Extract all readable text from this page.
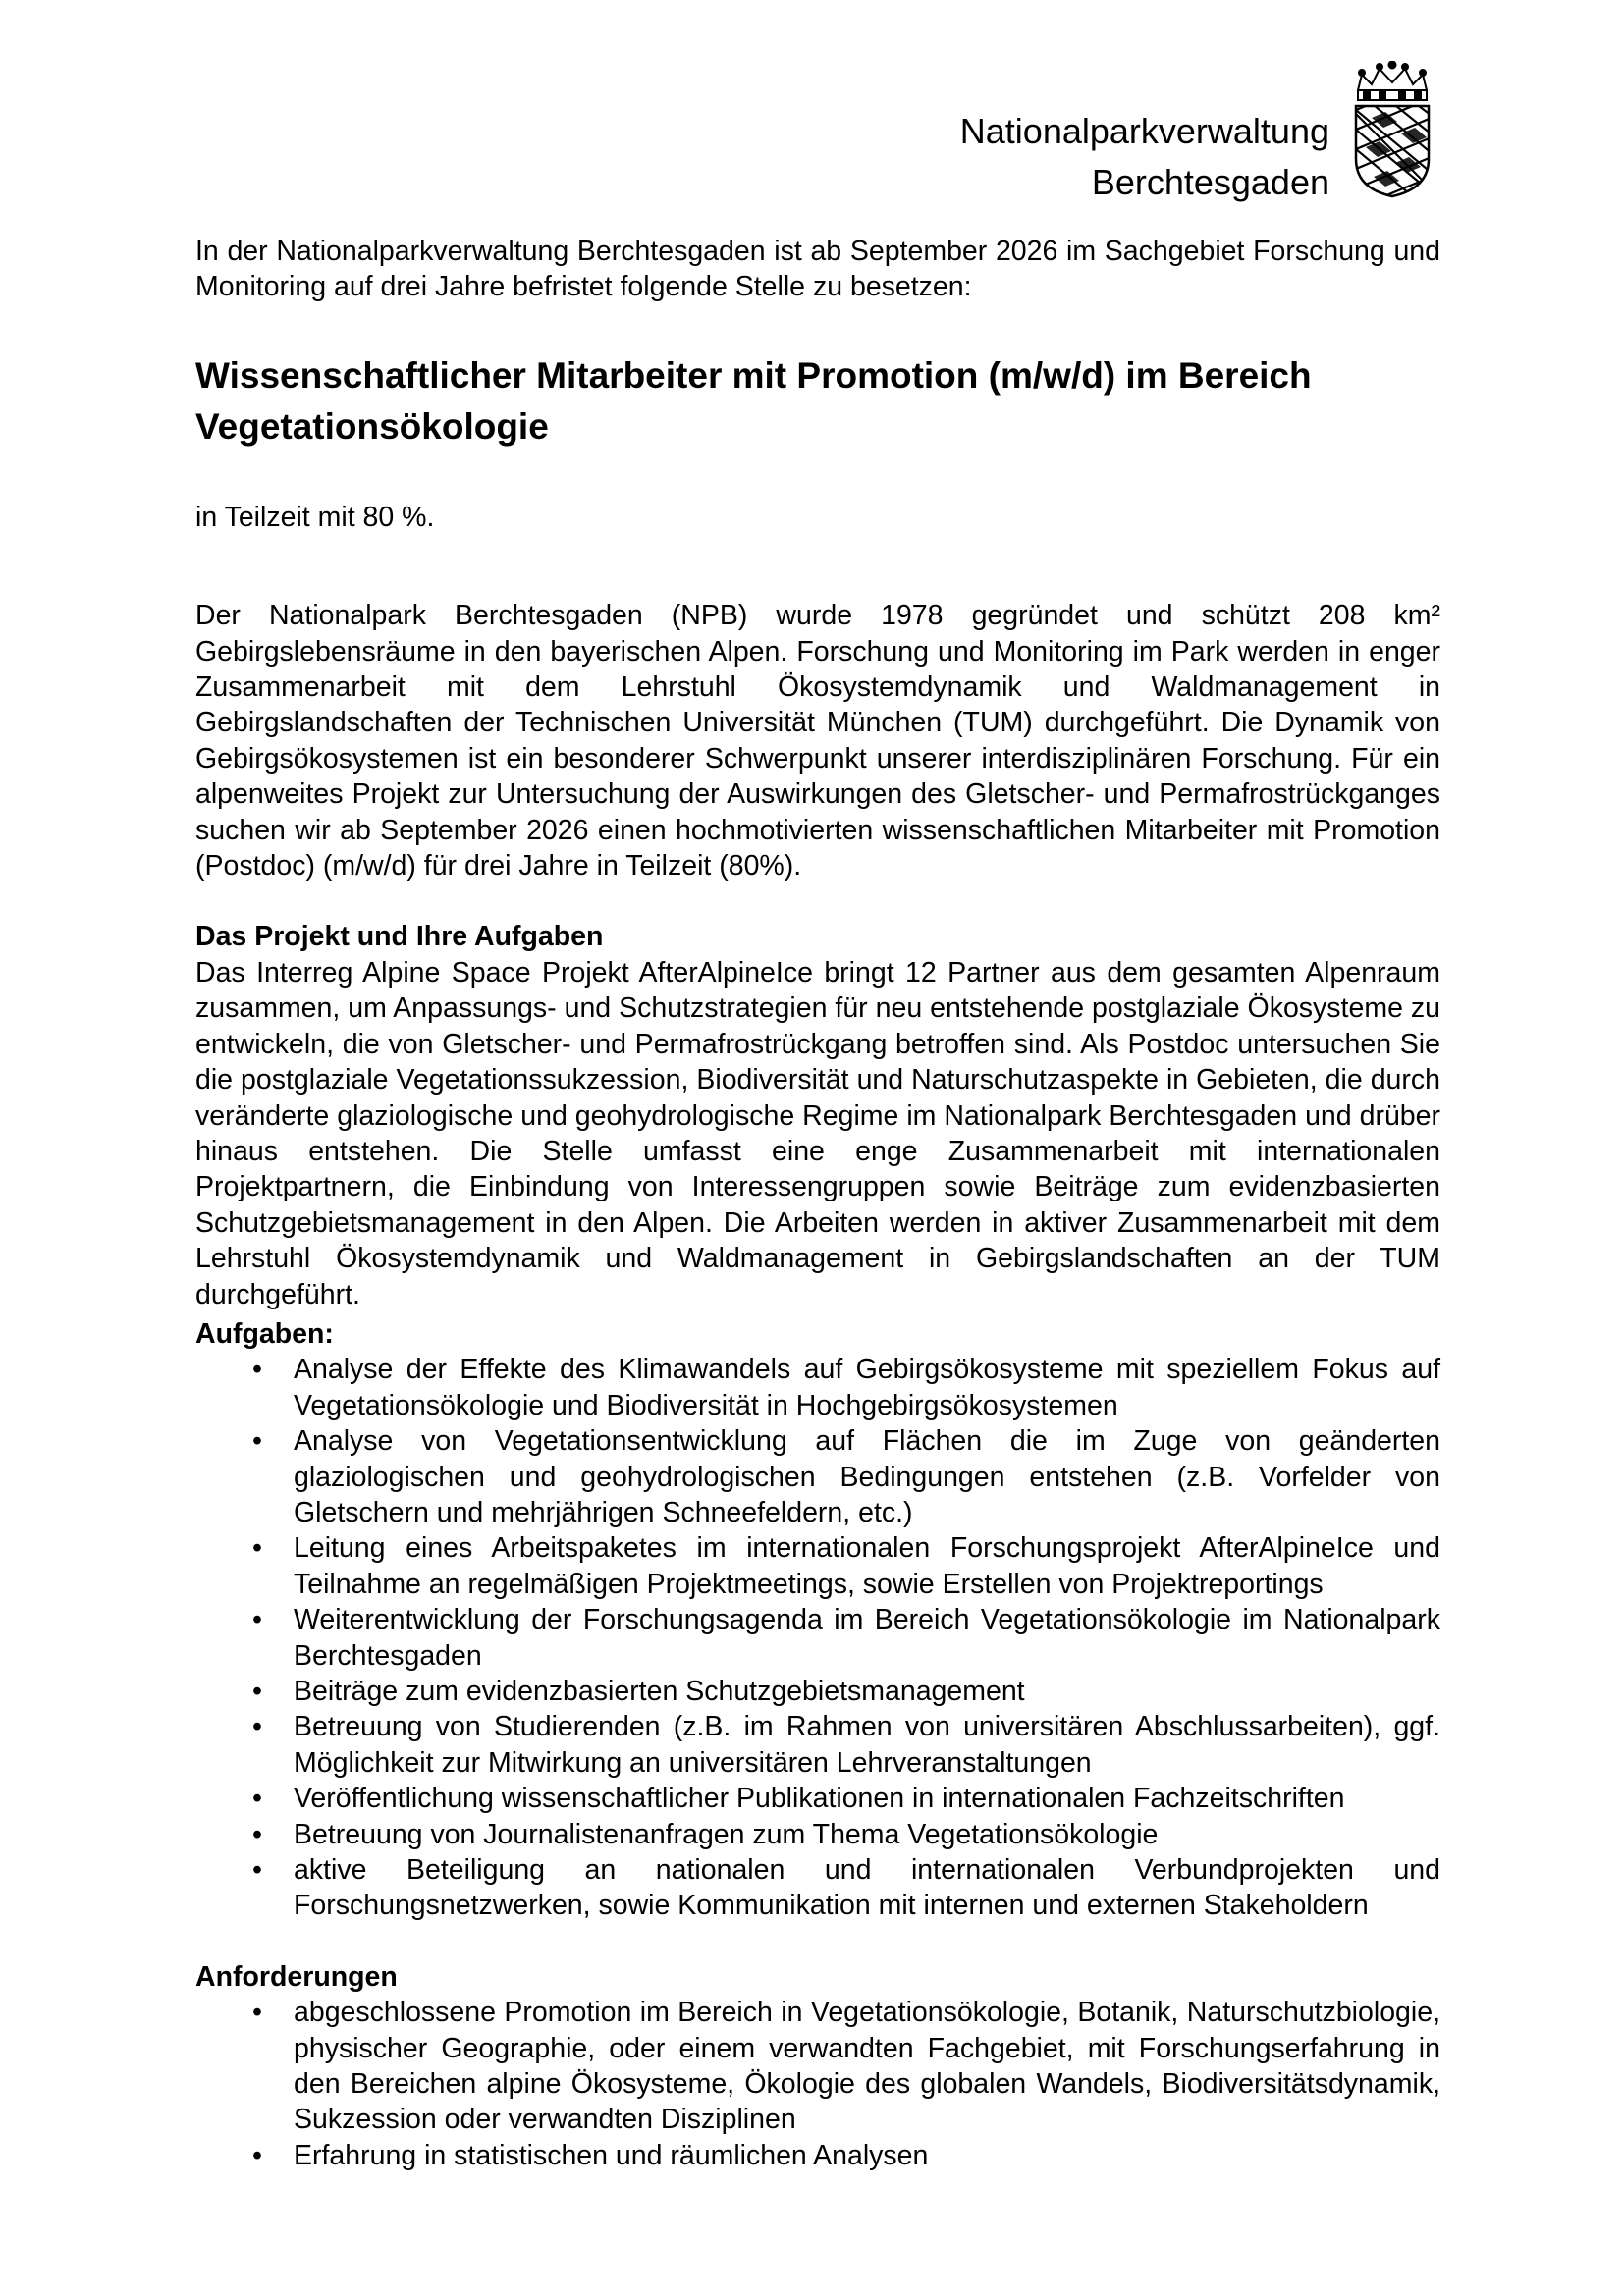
Nationalparkverwaltung
Berchtesgaden

In der Nationalparkverwaltung Berchtesgaden ist ab September 2026 im Sachgebiet Forschung und Monitoring auf drei Jahre befristet folgende Stelle zu besetzen:

Wissenschaftlicher Mitarbeiter mit Promotion (m/w/d) im Bereich Vegetationsökologie

in Teilzeit mit 80 %.

Der Nationalpark Berchtesgaden (NPB) wurde 1978 gegründet und schützt 208 km² Gebirgslebensräume in den bayerischen Alpen. Forschung und Monitoring im Park werden in enger Zusammenarbeit mit dem Lehrstuhl Ökosystemdynamik und Waldmanagement in Gebirgslandschaften der Technischen Universität München (TUM) durchgeführt. Die Dynamik von Gebirgsökosystemen ist ein besonderer Schwerpunkt unserer interdisziplinären Forschung. Für ein alpenweites Projekt zur Untersuchung der Auswirkungen des Gletscher- und Permafrostrückganges suchen wir ab September 2026 einen hochmotivierten wissenschaftlichen Mitarbeiter mit Promotion (Postdoc) (m/w/d) für drei Jahre in Teilzeit (80%).

Das Projekt und Ihre Aufgaben

Das Interreg Alpine Space Projekt AfterAlpineIce bringt 12 Partner aus dem gesamten Alpenraum zusammen, um Anpassungs- und Schutzstrategien für neu entstehende postglaziale Ökosysteme zu entwickeln, die von Gletscher- und Permafrostrückgang betroffen sind. Als Postdoc untersuchen Sie die postglaziale Vegetationssukzession, Biodiversität und Naturschutzaspekte in Gebieten, die durch veränderte glaziologische und geohydrologische Regime im Nationalpark Berchtesgaden und drüber hinaus entstehen. Die Stelle umfasst eine enge Zusammenarbeit mit internationalen Projektpartnern, die Einbindung von Interessengruppen sowie Beiträge zum evidenzbasierten Schutzgebietsmanagement in den Alpen. Die Arbeiten werden in aktiver Zusammenarbeit mit dem Lehrstuhl Ökosystemdynamik und Waldmanagement in Gebirgslandschaften an der TUM durchgeführt.

Aufgaben:

• Analyse der Effekte des Klimawandels auf Gebirgsökosysteme mit speziellem Fokus auf Vegetationsökologie und Biodiversität in Hochgebirgsökosystemen
• Analyse von Vegetationsentwicklung auf Flächen die im Zuge von geänderten glaziologischen und geohydrologischen Bedingungen entstehen (z.B. Vorfelder von Gletschern und mehrjährigen Schneefeldern, etc.)
• Leitung eines Arbeitspaketes im internationalen Forschungsprojekt AfterAlpineIce und Teilnahme an regelmäßigen Projektmeetings, sowie Erstellen von Projektreportings
• Weiterentwicklung der Forschungsagenda im Bereich Vegetationsökologie im Nationalpark Berchtesgaden
• Beiträge zum evidenzbasierten Schutzgebietsmanagement
• Betreuung von Studierenden (z.B. im Rahmen von universitären Abschlussarbeiten), ggf. Möglichkeit zur Mitwirkung an universitären Lehrveranstaltungen
• Veröffentlichung wissenschaftlicher Publikationen in internationalen Fachzeitschriften
• Betreuung von Journalistenanfragen zum Thema Vegetationsökologie
• aktive Beteiligung an nationalen und internationalen Verbundprojekten und Forschungsnetzwerken, sowie Kommunikation mit internen und externen Stakeholdern

Anforderungen

• abgeschlossene Promotion im Bereich in Vegetationsökologie, Botanik, Naturschutzbiologie, physischer Geographie, oder einem verwandten Fachgebiet, mit Forschungserfahrung in den Bereichen alpine Ökosysteme, Ökologie des globalen Wandels, Biodiversitätsdynamik, Sukzession oder verwandten Disziplinen
• Erfahrung in statistischen und räumlichen Analysen
